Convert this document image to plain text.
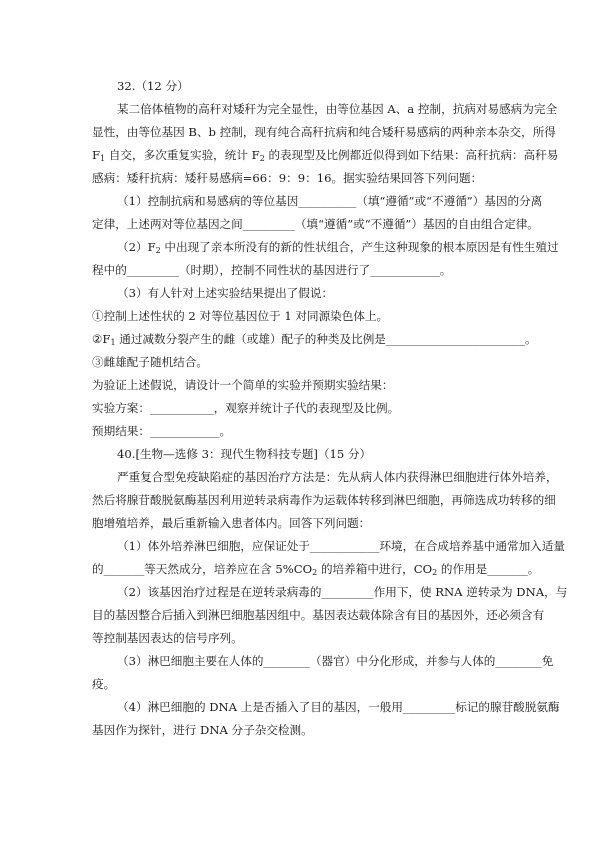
32.（12 分）
某二倍体植物的高秆对矮秆为完全显性，由等位基因 A、a 控制，抗病对易感病为完全
显性，由等位基因 B、b 控制，现有纯合高秆抗病和纯合矮秆易感病的两种亲本杂交，所得
$F_1$ 自交，多次重复实验，统计 $F_2$ 的表现型及比例都近似得到如下结果：高秆抗病：高秆易
感病：矮秆抗病：矮秆易感病=66：9：9：16。据实验结果回答下列问题：
（1）控制抗病和易感病的等位基因__________（填“遵循”或“不遵循”）基因的分离
定律，上述两对等位基因之间_________（填“遵循”或“不遵循”）基因的自由组合定律。
$(2)F_2$ 中出现了亲本所没有的新的性状组合，产生这种现象的根本原因是有性生殖过
程中的_________（时期），控制不同性状的基因进行了____________。
（3）有人针对上述实验结果提出了假说：
①控制上述性状的 2 对等位基因位于 1 对同源染色体上。
$②F_1$ 通过减数分裂产生的雌（或雄）配子的种类及比例是________________________。
③雌雄配子随机结合。
为验证上述假说，请设计一个简单的实验并预期实验结果：
实验方案：___________，观察并统计子代的表现型及比例。
预期结果：____________。
40.[生物—选修 3：现代生物科技专题]（15 分）
严重复合型免疫缺陷症的基因治疗方法是：先从病人体内获得淋巴细胞进行体外培养，
然后将腺苷酸脱氨酶基因利用逆转录病毒作为运载体转移到淋巴细胞，再筛选成功转移的细
胞增殖培养，最后重新输入患者体内。回答下列问题：
（1）体外培养淋巴细胞，应保证处于____________环境，在合成培养基中通常加入适量
的_______等天然成分，培养应在含 $5\%CO_2$ 的培养箱中进行，$CO_2$ 的作用是_______。
（2）该基因治疗过程是在逆转录病毒的_________作用下，使 RNA 逆转录为 DNA，与
目的基因整合后插入到淋巴细胞基因组中。基因表达载体除含有目的基因外，还必须含有
等控制基因表达的信号序列。
（3）淋巴细胞主要在人体的________（器官）中分化形成，并参与人体的________免
疫。
（4）淋巴细胞的 DNA 上是否插入了目的基因，一般用_________标记的腺苷酸脱氨酶
基因作为探针，进行 DNA 分子杂交检测。
